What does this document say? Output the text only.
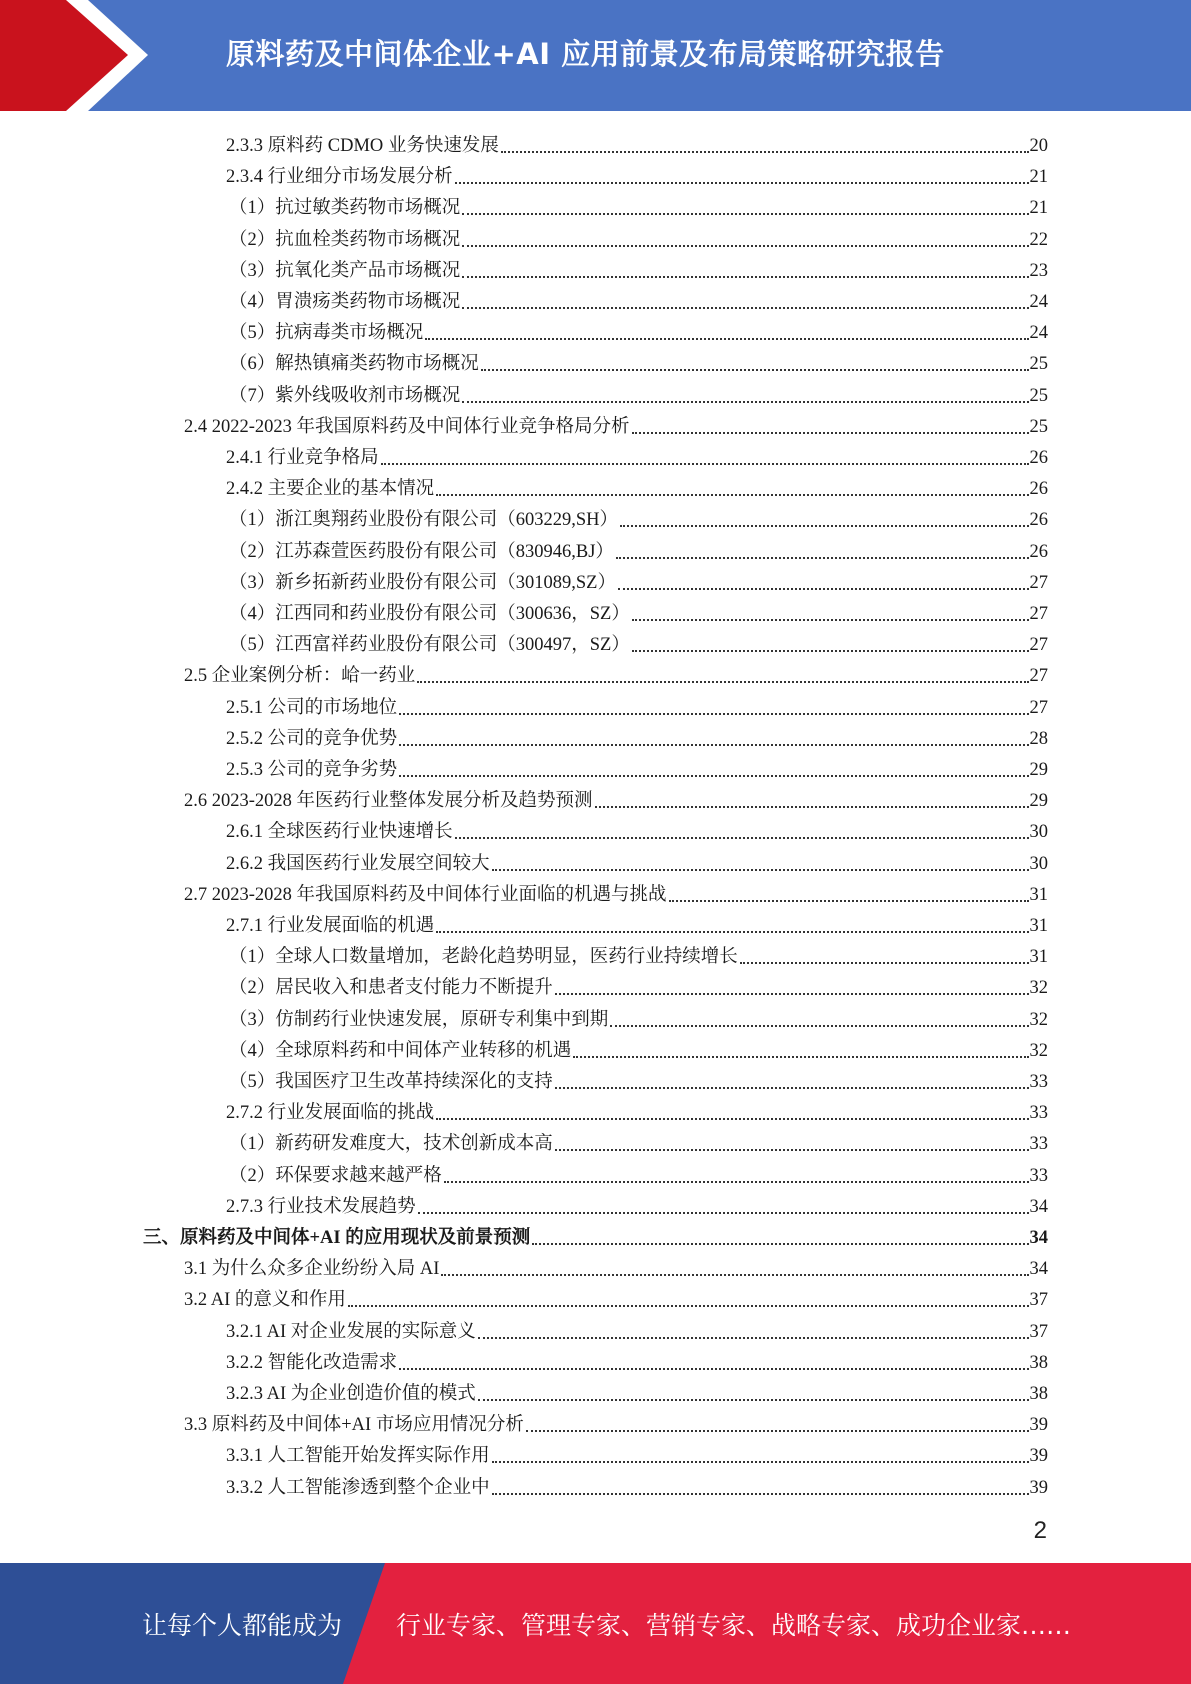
原料药及中间体企业+AI 应用前景及布局策略研究报告
2.3.3 原料药 CDMO 业务快速发展	20
2.3.4 行业细分市场发展分析	21
（1）抗过敏类药物市场概况	21
（2）抗血栓类药物市场概况	22
（3）抗氧化类产品市场概况	23
（4）胃溃疡类药物市场概况	24
（5）抗病毒类市场概况	24
（6）解热镇痛类药物市场概况	25
（7）紫外线吸收剂市场概况	25
2.4 2022-2023 年我国原料药及中间体行业竞争格局分析	25
2.4.1 行业竞争格局	26
2.4.2 主要企业的基本情况	26
（1）浙江奥翔药业股份有限公司（603229,SH）	26
（2）江苏森萱医药股份有限公司（830946,BJ）	26
（3）新乡拓新药业股份有限公司（301089,SZ）	27
（4）江西同和药业股份有限公司（300636，SZ）	27
（5）江西富祥药业股份有限公司（300497，SZ）	27
2.5 企业案例分析：峆一药业	27
2.5.1 公司的市场地位	27
2.5.2 公司的竞争优势	28
2.5.3 公司的竞争劣势	29
2.6 2023-2028 年医药行业整体发展分析及趋势预测	29
2.6.1 全球医药行业快速增长	30
2.6.2 我国医药行业发展空间较大	30
2.7 2023-2028 年我国原料药及中间体行业面临的机遇与挑战	31
2.7.1 行业发展面临的机遇	31
（1）全球人口数量增加，老龄化趋势明显，医药行业持续增长	31
（2）居民收入和患者支付能力不断提升	32
（3）仿制药行业快速发展，原研专利集中到期	32
（4）全球原料药和中间体产业转移的机遇	32
（5）我国医疗卫生改革持续深化的支持	33
2.7.2 行业发展面临的挑战	33
（1）新药研发难度大，技术创新成本高	33
（2）环保要求越来越严格	33
2.7.3 行业技术发展趋势	34
三、原料药及中间体+AI 的应用现状及前景预测	34
3.1 为什么众多企业纷纷入局 AI	34
3.2 AI 的意义和作用	37
3.2.1 AI 对企业发展的实际意义	37
3.2.2 智能化改造需求	38
3.2.3 AI 为企业创造价值的模式	38
3.3 原料药及中间体+AI 市场应用情况分析	39
3.3.1 人工智能开始发挥实际作用	39
3.3.2 人工智能渗透到整个企业中	39
2
让每个人都能成为 行业专家、管理专家、营销专家、战略专家、成功企业家……
